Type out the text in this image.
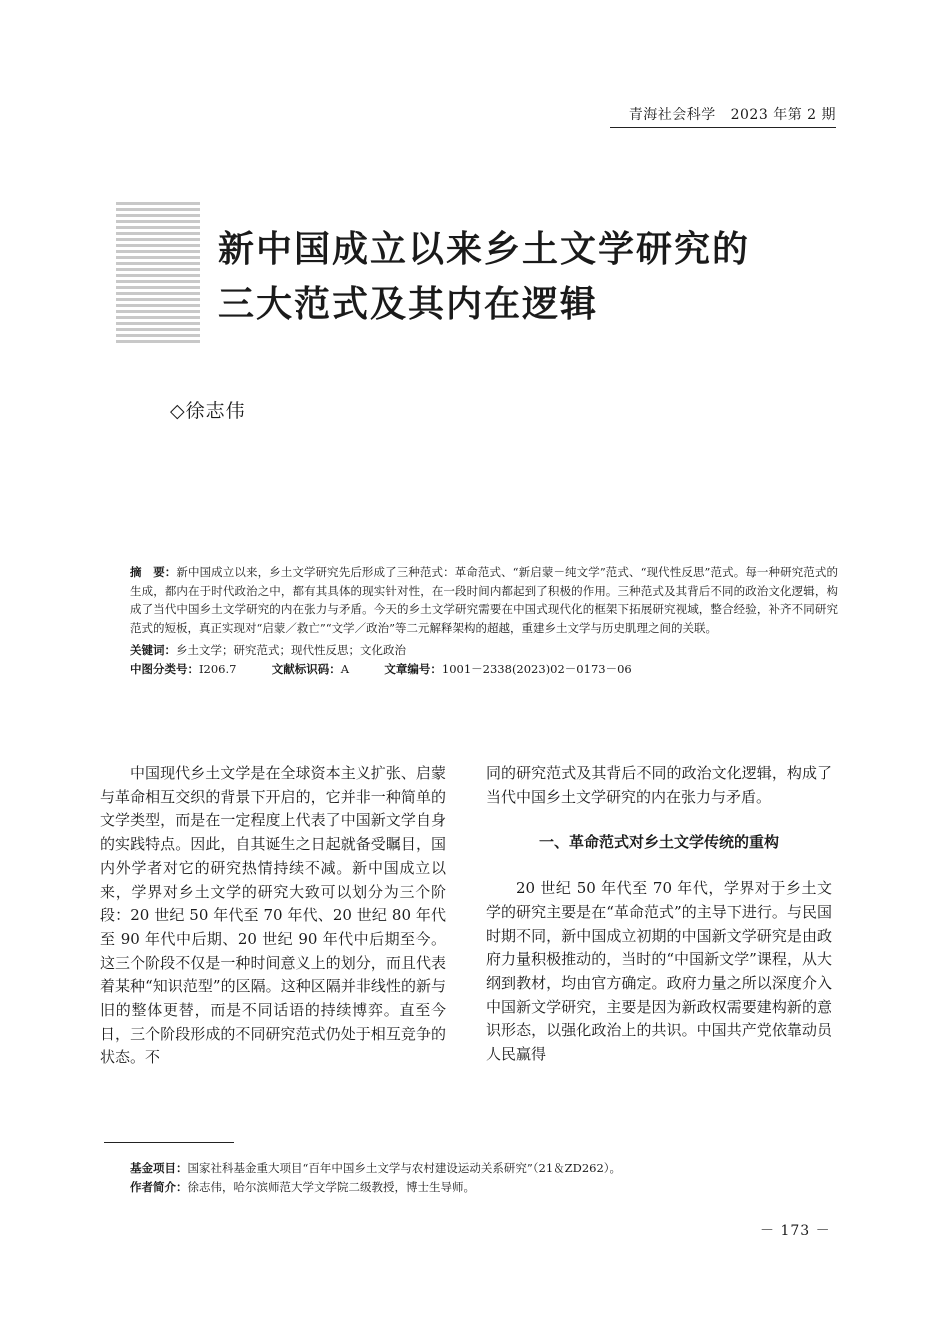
青海社会科学 2023 年第 2 期
新中国成立以来乡土文学研究的
三大范式及其内在逻辑
◇徐志伟
摘　要：新中国成立以来，乡土文学研究先后形成了三种范式：革命范式、“新启蒙－纯文学”范式、“现代性反思”范式。每一种研究范式的生成，都内在于时代政治之中，都有其具体的现实针对性，在一段时间内都起到了积极的作用。三种范式及其背后不同的政治文化逻辑，构成了当代中国乡土文学研究的内在张力与矛盾。今天的乡土文学研究需要在中国式现代化的框架下拓展研究视域，整合经验，补齐不同研究范式的短板，真正实现对“启蒙／救亡”“文学／政治”等二元解释架构的超越，重建乡土文学与历史肌理之间的关联。
关键词：乡土文学；研究范式；现代性反思；文化政治
中图分类号：I206.7	文献标识码：A	文章编号：1001－2338(2023)02－0173－06

中国现代乡土文学是在全球资本主义扩张、启蒙与革命相互交织的背景下开启的，它并非一种简单的文学类型，而是在一定程度上代表了中国新文学自身的实践特点。因此，自其诞生之日起就备受瞩目，国内外学者对它的研究热情持续不减。新中国成立以来，学界对乡土文学的研究大致可以划分为三个阶段：20 世纪 50 年代至 70 年代、20 世纪 80 年代至 90 年代中后期、20 世纪 90 年代中后期至今。这三个阶段不仅是一种时间意义上的划分，而且代表着某种“知识范型”的区隔。这种区隔并非线性的新与旧的整体更替，而是不同话语的持续博弈。直至今日，三个阶段形成的不同研究范式仍处于相互竞争的状态。不

同的研究范式及其背后不同的政治文化逻辑，构成了当代中国乡土文学研究的内在张力与矛盾。

一、革命范式对乡土文学传统的重构

20 世纪 50 年代至 70 年代，学界对于乡土文学的研究主要是在“革命范式”的主导下进行。与民国时期不同，新中国成立初期的中国新文学研究是由政府力量积极推动的，当时的“中国新文学”课程，从大纲到教材，均由官方确定。政府力量之所以深度介入中国新文学研究，主要是因为新政权需要建构新的意识形态，以强化政治上的共识。中国共产党依靠动员人民赢得

基金项目：国家社科基金重大项目“百年中国乡土文学与农村建设运动关系研究”（21＆ZD262）。
作者简介：徐志伟，哈尔滨师范大学文学院二级教授，博士生导师。
－ 173 －
